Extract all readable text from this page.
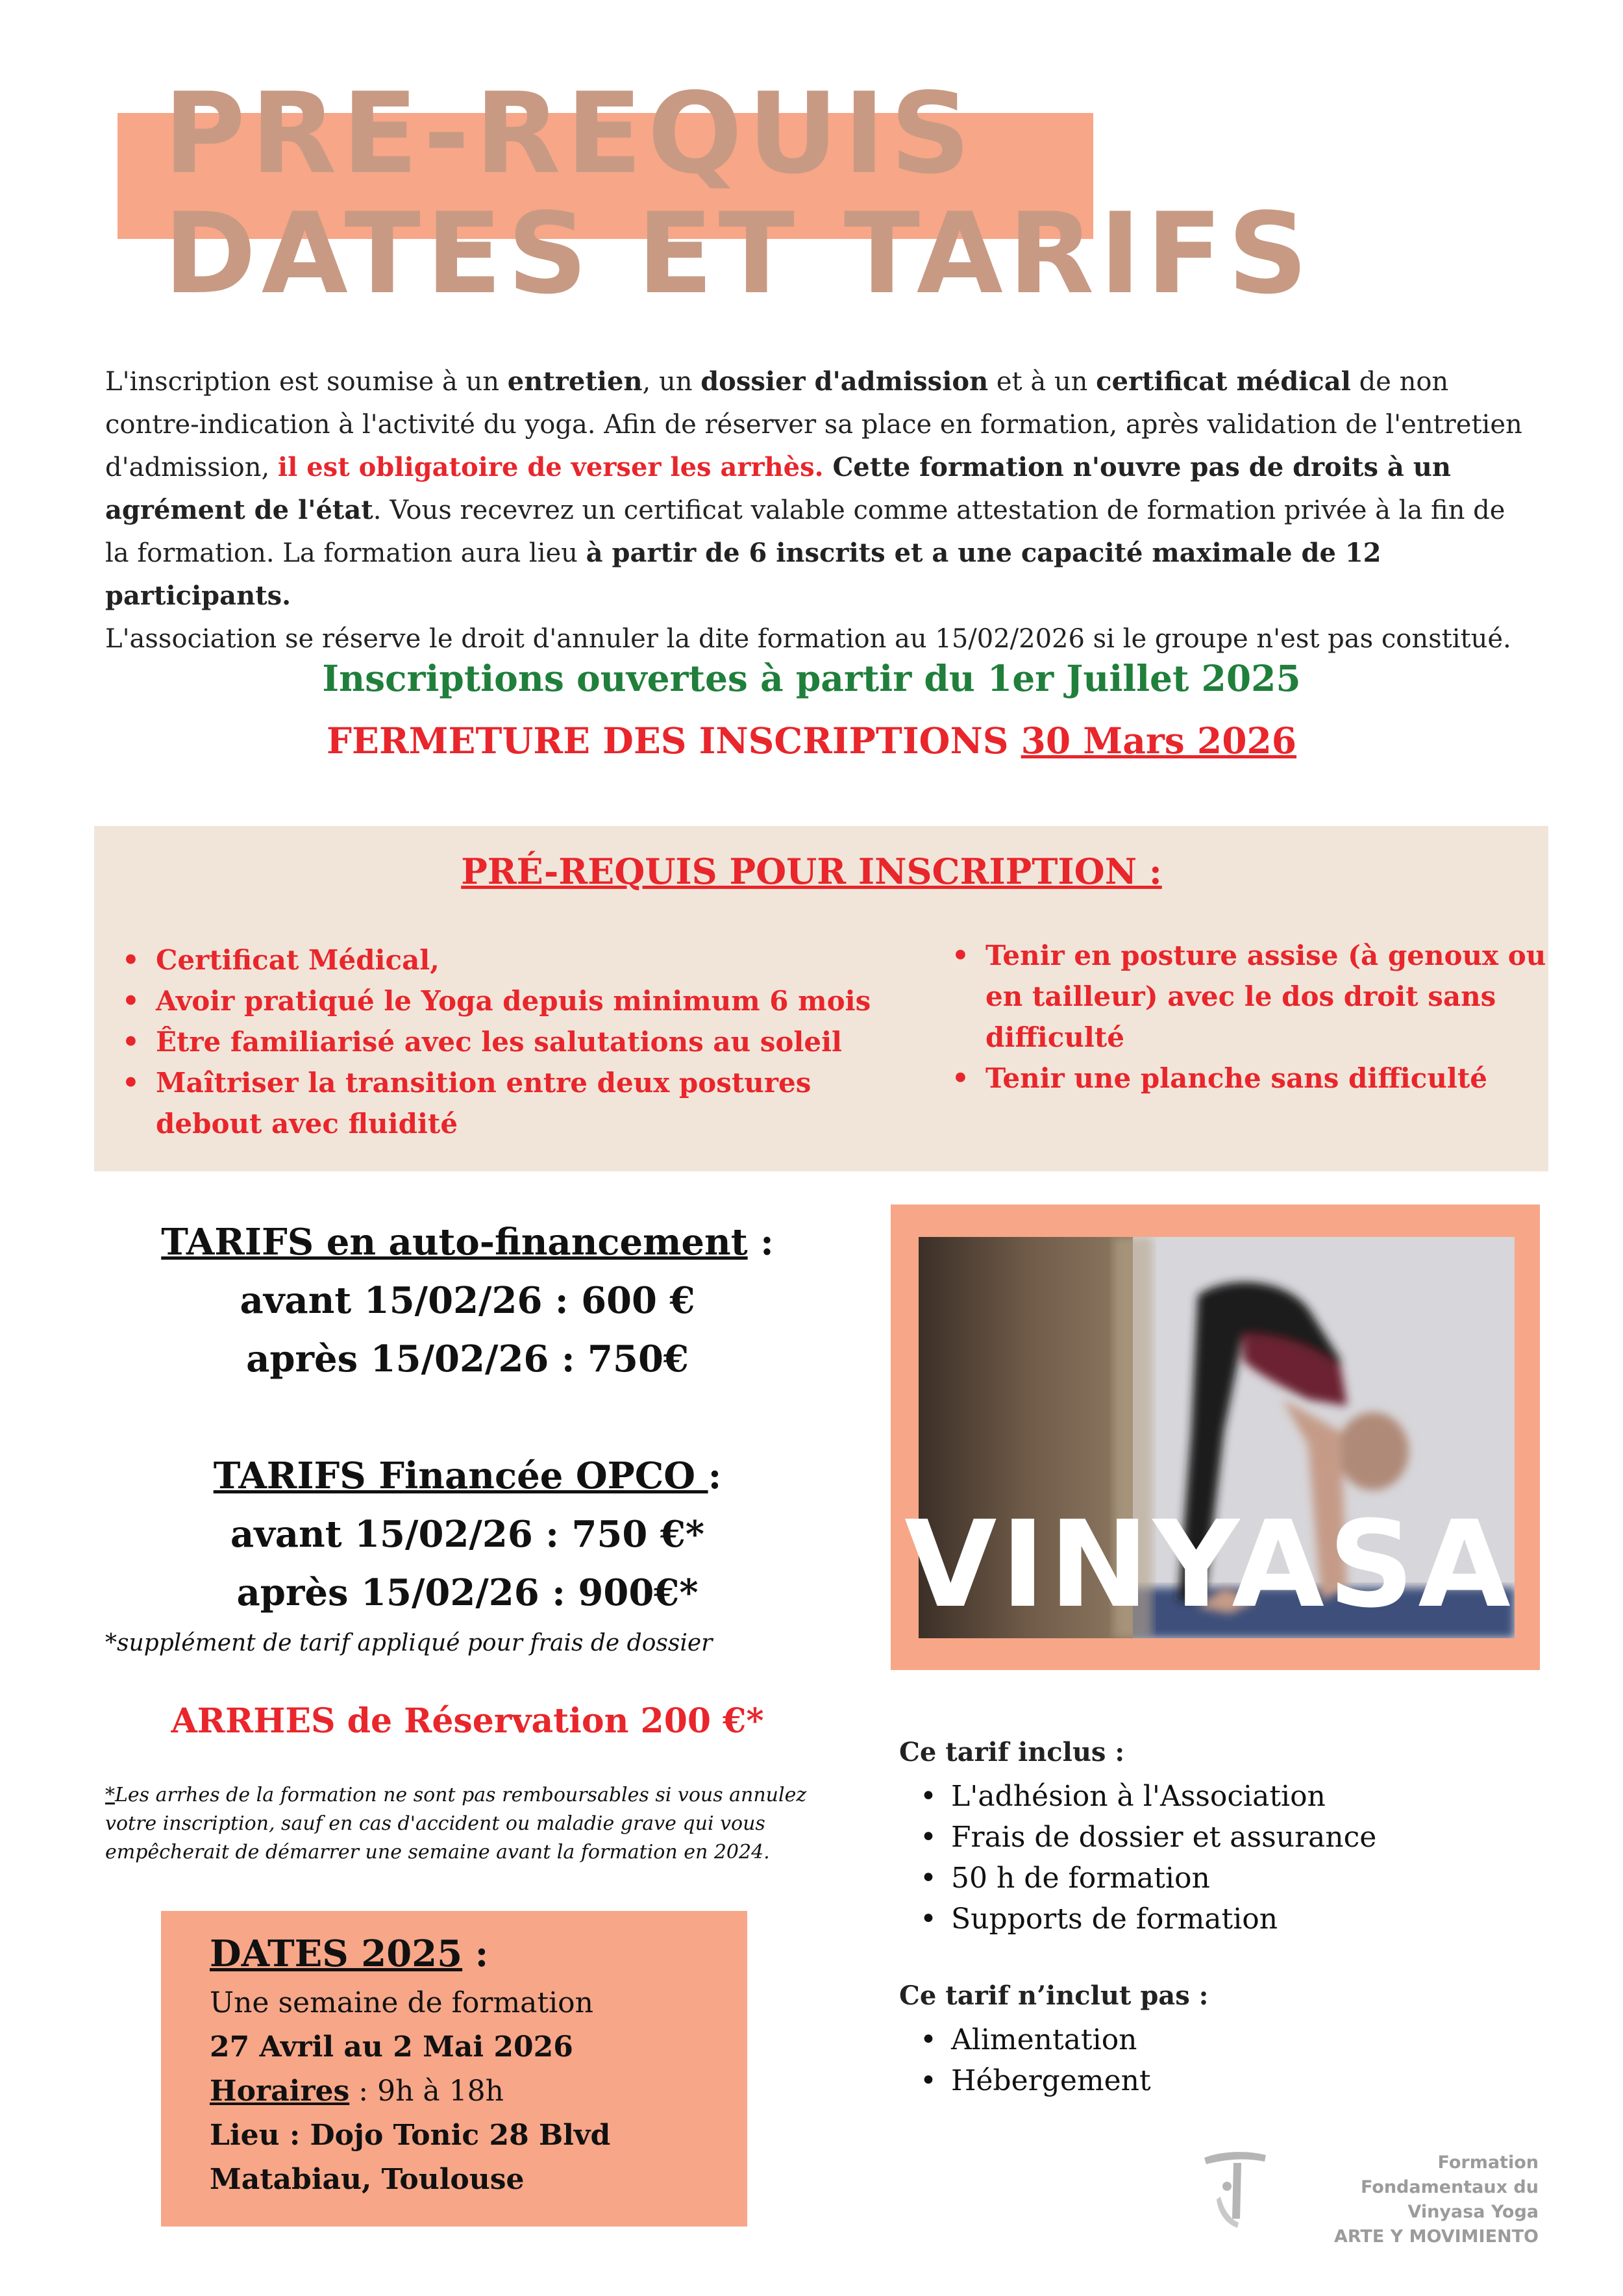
PRE-REQUIS
DATES ET TARIFS
L'inscription est soumise à un entretien, un dossier d'admission et à un certificat médical de non contre-indication à l'activité du yoga. Afin de réserver sa place en formation, après validation de l'entretien d'admission, il est obligatoire de verser les arrhès. Cette formation n'ouvre pas de droits à un agrément de l'état. Vous recevrez un certificat valable comme attestation de formation privée à la fin de la formation. La formation aura lieu à partir de 6 inscrits et a une capacité maximale de 12 participants.
L'association se réserve le droit d'annuler la dite formation au 15/02/2026 si le groupe n'est pas constitué.
Inscriptions ouvertes à partir du 1er Juillet 2025
FERMETURE DES INSCRIPTIONS 30 Mars 2026
PRÉ-REQUIS POUR INSCRIPTION :
• Certificat Médical,
• Avoir pratiqué le Yoga depuis minimum 6 mois
• Être familiarisé avec les salutations au soleil
• Maîtriser la transition entre deux postures debout avec fluidité
• Tenir en posture assise (à genoux ou en tailleur) avec le dos droit sans difficulté
• Tenir une planche sans difficulté
TARIFS en auto-financement :
avant 15/02/26 : 600 €
après 15/02/26 : 750€
TARIFS Financée OPCO :
avant 15/02/26 : 750 €*
après 15/02/26 : 900€*
*supplément de tarif appliqué pour frais de dossier
ARRHES de Réservation 200 €*
*Les arrhes de la formation ne sont pas remboursables si vous annulez votre inscription, sauf en cas d'accident ou maladie grave qui vous empêcherait de démarrer une semaine avant la formation en 2024.
VINYASA
Ce tarif inclus :
• L'adhésion à l'Association
• Frais de dossier et assurance
• 50 h de formation
• Supports de formation
Ce tarif n’inclut pas :
• Alimentation
• Hébergement
DATES 2025 :
Une semaine de formation
27 Avril au 2 Mai 2026
Horaires : 9h à 18h
Lieu : Dojo Tonic 28 Blvd
Matabiau, Toulouse
Formation
Fondamentaux du
Vinyasa Yoga
ARTE Y MOVIMIENTO
